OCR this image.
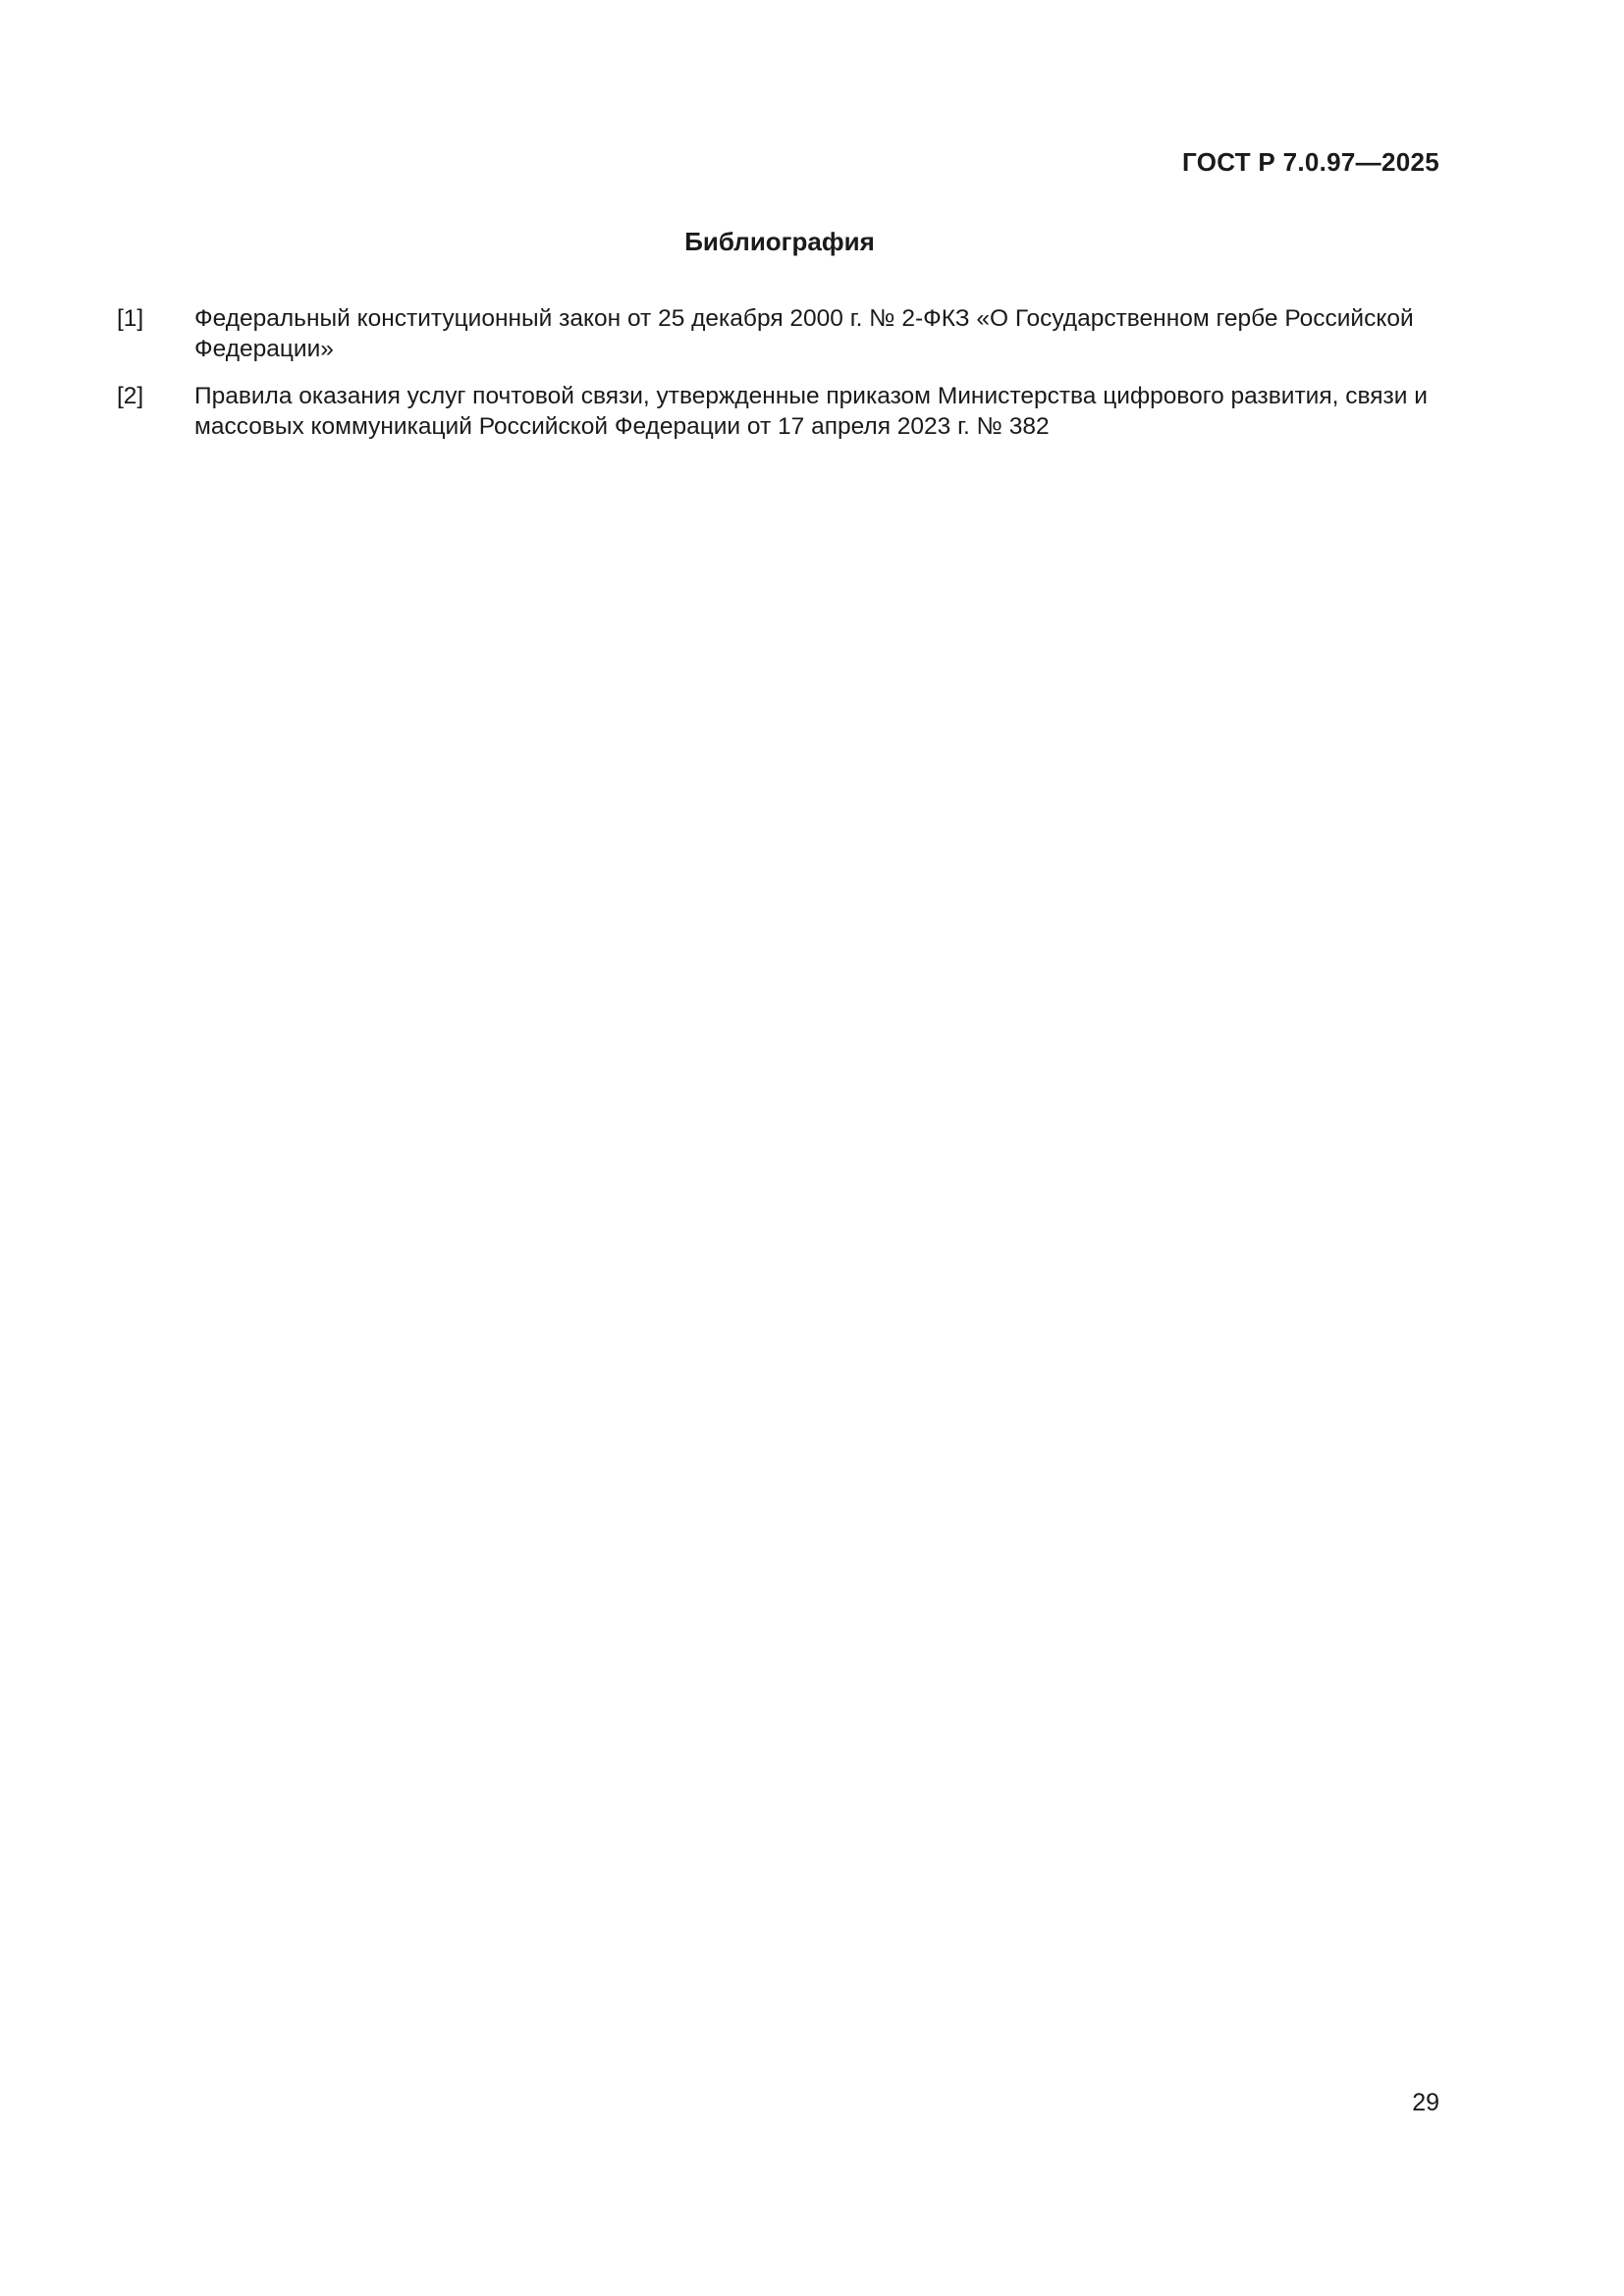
ГОСТ Р 7.0.97—2025
Библиография
[1]	Федеральный конституционный закон от 25 декабря 2000 г. № 2-ФКЗ «О Государственном гербе Российской Федерации»
[2]	Правила оказания услуг почтовой связи, утвержденные приказом Министерства цифрового развития, связи и массовых коммуникаций Российской Федерации от 17 апреля 2023 г. № 382
29
